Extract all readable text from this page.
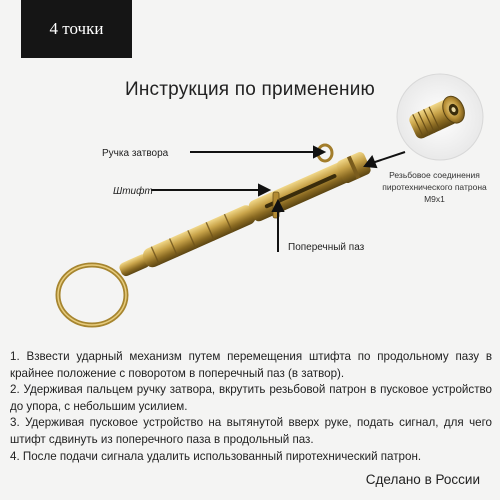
4 точки
Инструкция по применению
Ручка затвора
Штифт
Поперечный паз
Резьбовое соединения пиротехнического патрона М9х1

1. Взвести ударный механизм путем перемещения штифта по продольному пазу в крайнее положение с поворотом в поперечный паз (в затвор).

2. Удерживая пальцем ручку затвора, вкрутить резьбовой патрон в пусковое устройство до упора, с небольшим усилием.

3. Удерживая пусковое устройство на вытянутой вверх руке, подать сигнал, для чего штифт сдвинуть из поперечного паза в продольный паз.

4. После подачи сигнала удалить использованный пиротехнический патрон.

Сделано в России
